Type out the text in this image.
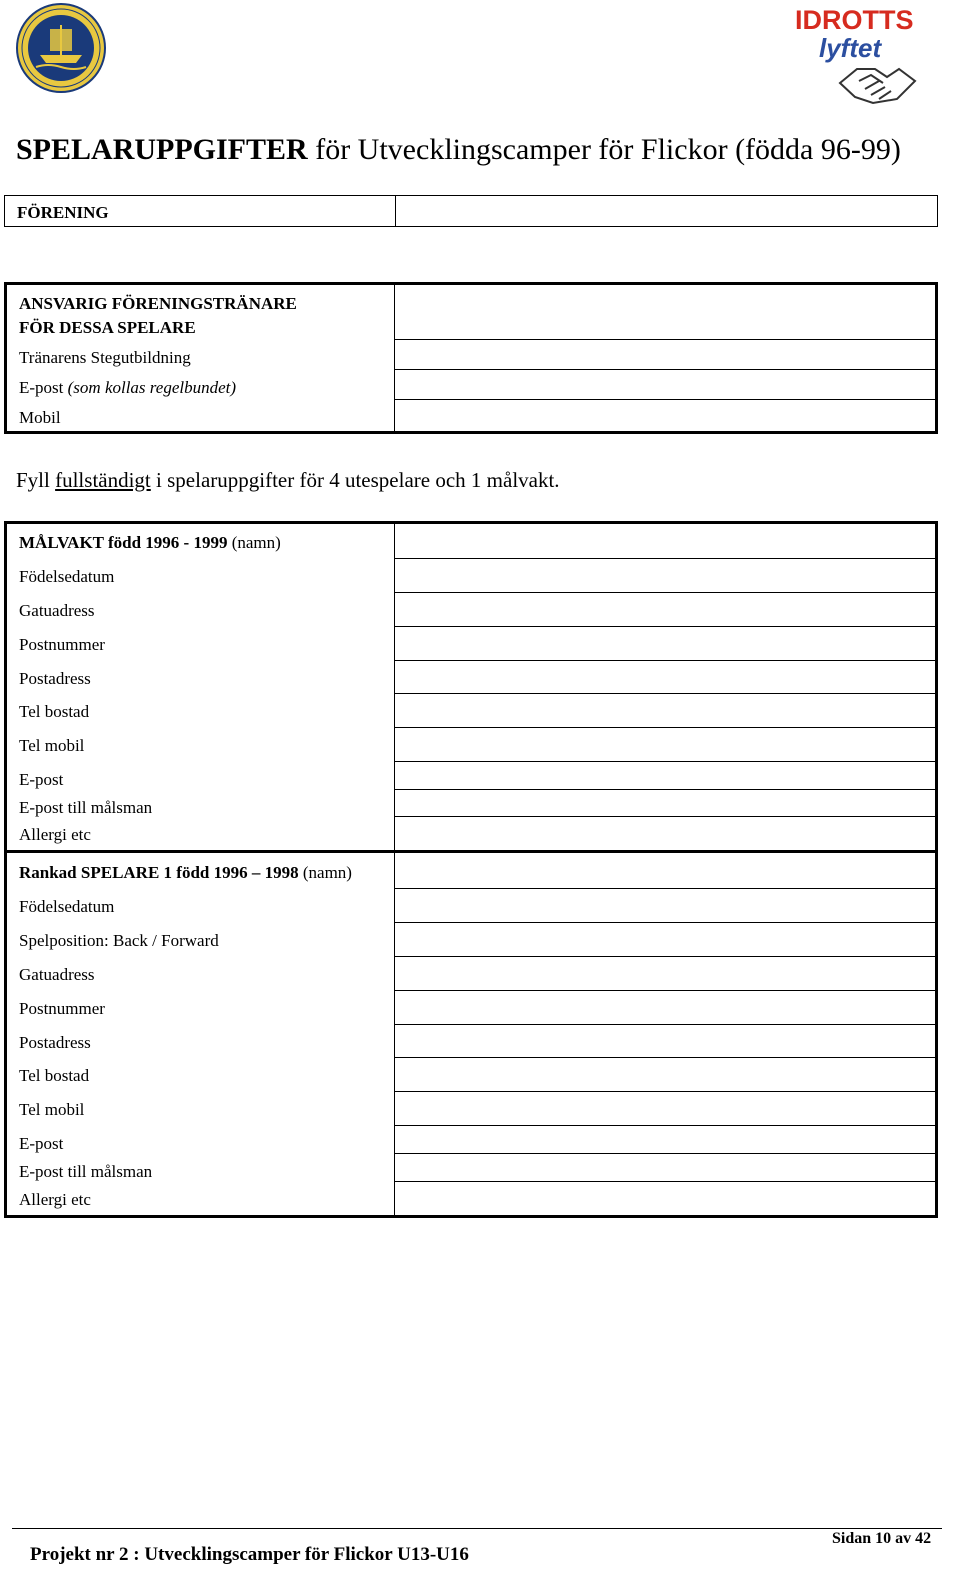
IDROTTS
lyftet
SPELARUPPGIFTER för Utvecklingscamper för Flickor (födda 96-99)
FÖRENING
ANSVARIG FÖRENINGSTRÄNARE
FÖR DESSA SPELARE
Tränarens Stegutbildning
E-post (som kollas regelbundet)
Mobil
Fyll fullständigt i spelaruppgifter för 4 utespelare och 1 målvakt.
MÅLVAKT född 1996 - 1999 (namn)
Födelsedatum
Gatuadress
Postnummer
Postadress
Tel bostad
Tel mobil
E-post
E-post till målsman
Allergi etc
Rankad SPELARE 1 född 1996 – 1998 (namn)
Födelsedatum
Spelposition: Back / Forward
Gatuadress
Postnummer
Postadress
Tel bostad
Tel mobil
E-post
E-post till målsman
Allergi etc
Projekt nr 2 : Utvecklingscamper för Flickor U13-U16
Sidan 10 av 42
